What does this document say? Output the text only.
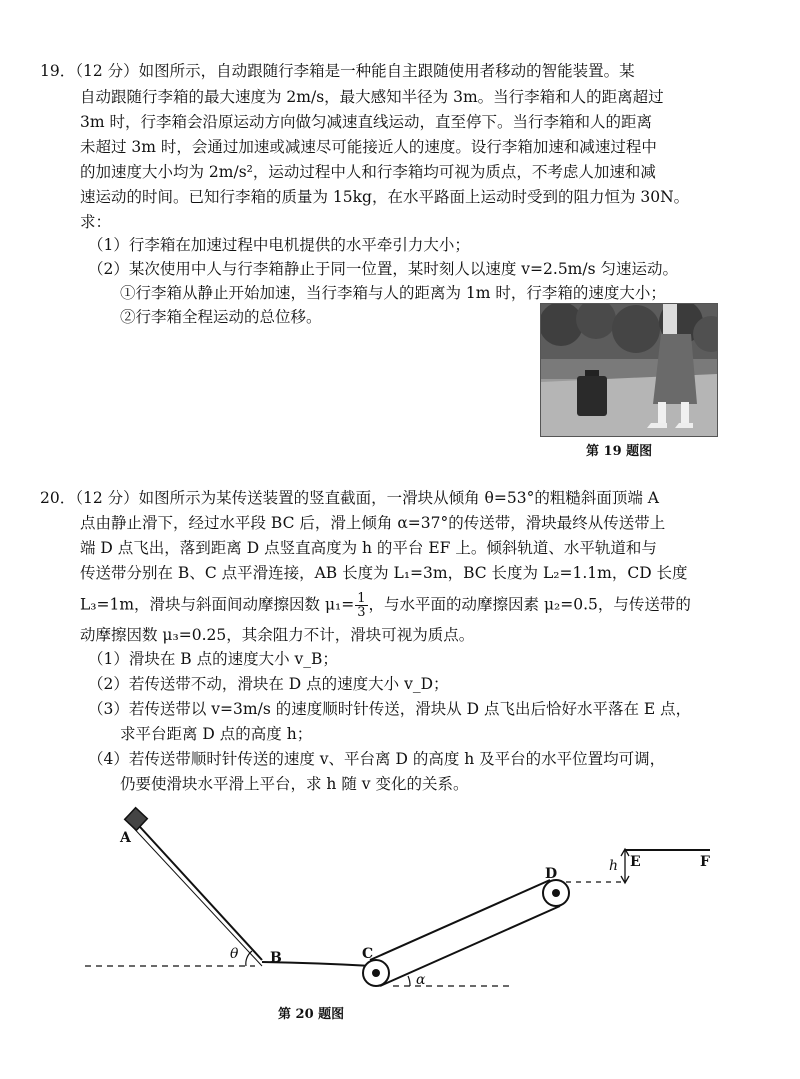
19．（12 分）如图所示，自动跟随行李箱是一种能自主跟随使用者移动的智能装置。某
自动跟随行李箱的最大速度为 2m/s，最大感知半径为 3m。当行李箱和人的距离超过
3m 时，行李箱会沿原运动方向做匀减速直线运动，直至停下。当行李箱和人的距离
未超过 3m 时，会通过加速或减速尽可能接近人的速度。设行李箱加速和减速过程中
的加速度大小均为 2m/s²，运动过程中人和行李箱均可视为质点，不考虑人加速和减
速运动的时间。已知行李箱的质量为 15kg，在水平路面上运动时受到的阻力恒为 30N。
求：
（1）行李箱在加速过程中电机提供的水平牵引力大小；
（2）某次使用中人与行李箱静止于同一位置，某时刻人以速度 v=2.5m/s 匀速运动。
①行李箱从静止开始加速，当行李箱与人的距离为 1m 时，行李箱的速度大小；
②行李箱全程运动的总位移。
第 19 题图
20．（12 分）如图所示为某传送装置的竖直截面，一滑块从倾角 θ=53°的粗糙斜面顶端 A
点由静止滑下，经过水平段 BC 后，滑上倾角 α=37°的传送带，滑块最终从传送带上
端 D 点飞出，落到距离 D 点竖直高度为 h 的平台 EF 上。倾斜轨道、水平轨道和与
传送带分别在 B、C 点平滑连接，AB 长度为 L₁=3m，BC 长度为 L₂=1.1m，CD 长度
L₃=1m，滑块与斜面间动摩擦因数 $\mu_1= \frac{1}{3}$ ，与水平面的动摩擦因素 μ₂=0.5，与传送带的
动摩擦因数 μ₃=0.25，其余阻力不计，滑块可视为质点。
（1）滑块在 B 点的速度大小 v_B；
（2）若传送带不动，滑块在 D 点的速度大小 v_D；
（3）若传送带以 v=3m/s 的速度顺时针传送，滑块从 D 点飞出后恰好水平落在 E 点，
求平台距离 D 点的高度 h；
（4）若传送带顺时针传送的速度 v、平台离 D 的高度 h 及平台的水平位置均可调，
仍要使滑块水平滑上平台，求 h 随 v 变化的关系。
A
B	C
D
E	F
h
θ
α
第 20 题图
